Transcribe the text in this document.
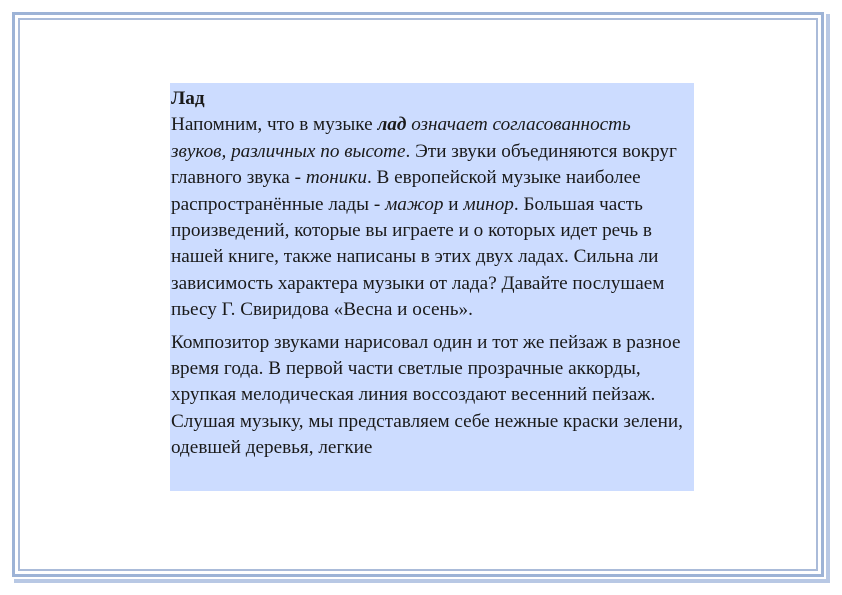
Лад

Напомним, что в музыке лад означает согласованность звуков, различных по высоте. Эти звуки объединяются вокруг главного звука - тоники. В европейской музыке наиболее распространённые лады - мажор и минор. Большая часть произведений, которые вы играете и о которых идет речь в нашей книге, также написаны в этих двух ладах. Сильна ли зависимость характера музыки от лада? Давайте послушаем пьесу Г. Свиридова «Весна и осень».

Композитор звуками нарисовал один и тот же пейзаж в разное время года. В первой части светлые прозрачные аккорды, хрупкая мелодическая линия воссоздают весенний пейзаж. Слушая музыку, мы представляем себе нежные краски зелени, одевшей деревья, легкие
